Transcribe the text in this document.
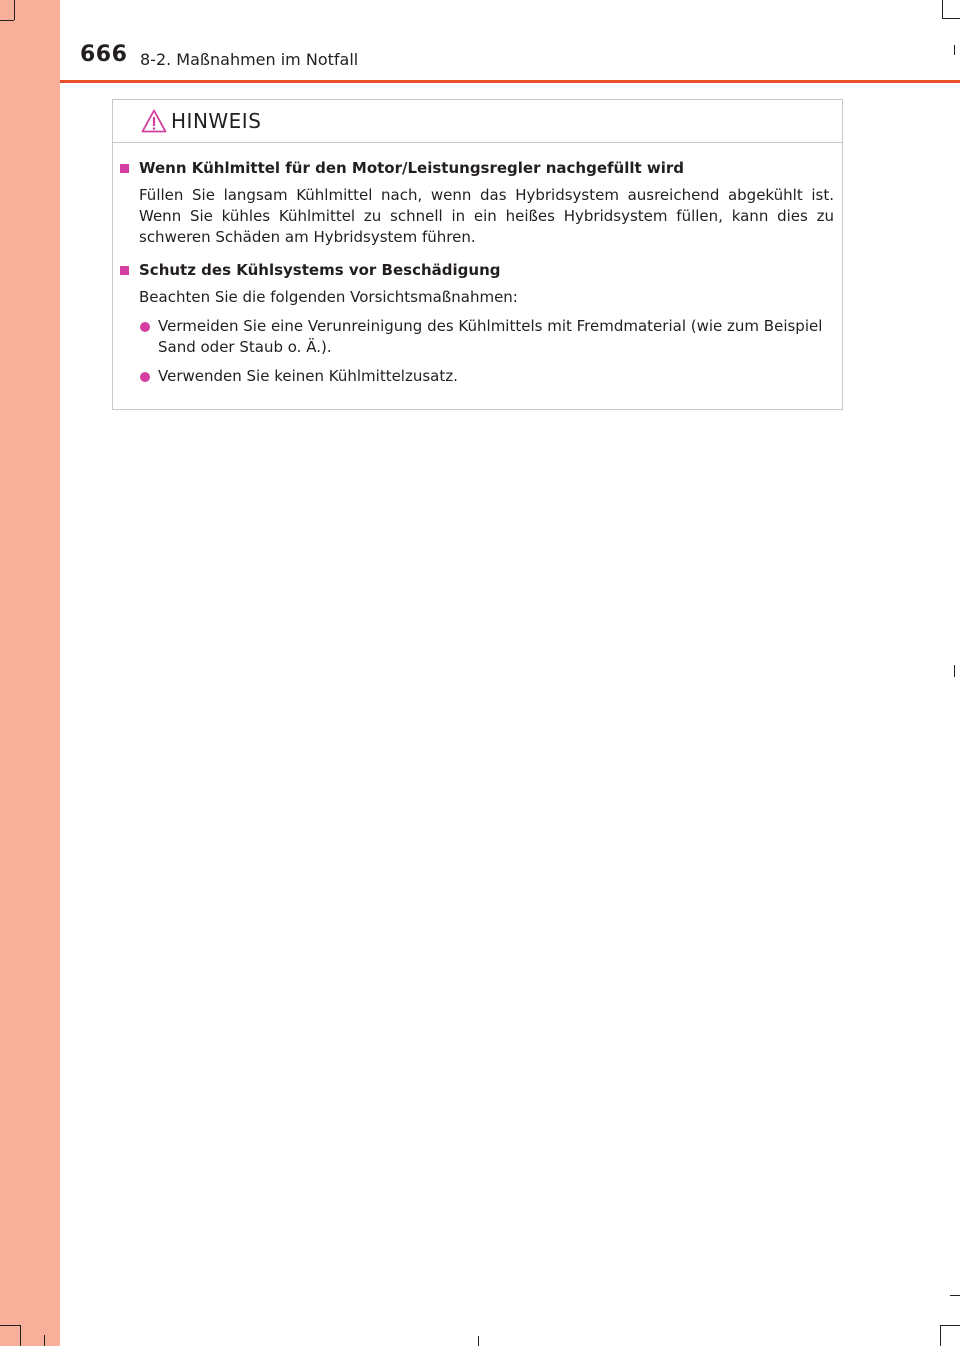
666 8-2. Maßnahmen im Notfall
HINWEIS
Wenn Kühlmittel für den Motor/Leistungsregler nachgefüllt wird
Füllen Sie langsam Kühlmittel nach, wenn das Hybridsystem ausreichend abgekühlt ist. Wenn Sie kühles Kühlmittel zu schnell in ein heißes Hybridsystem füllen, kann dies zu schweren Schäden am Hybridsystem führen.
Schutz des Kühlsystems vor Beschädigung
Beachten Sie die folgenden Vorsichtsmaßnahmen:
Vermeiden Sie eine Verunreinigung des Kühlmittels mit Fremdmaterial (wie zum Beispiel Sand oder Staub o. Ä.).
Verwenden Sie keinen Kühlmittelzusatz.
